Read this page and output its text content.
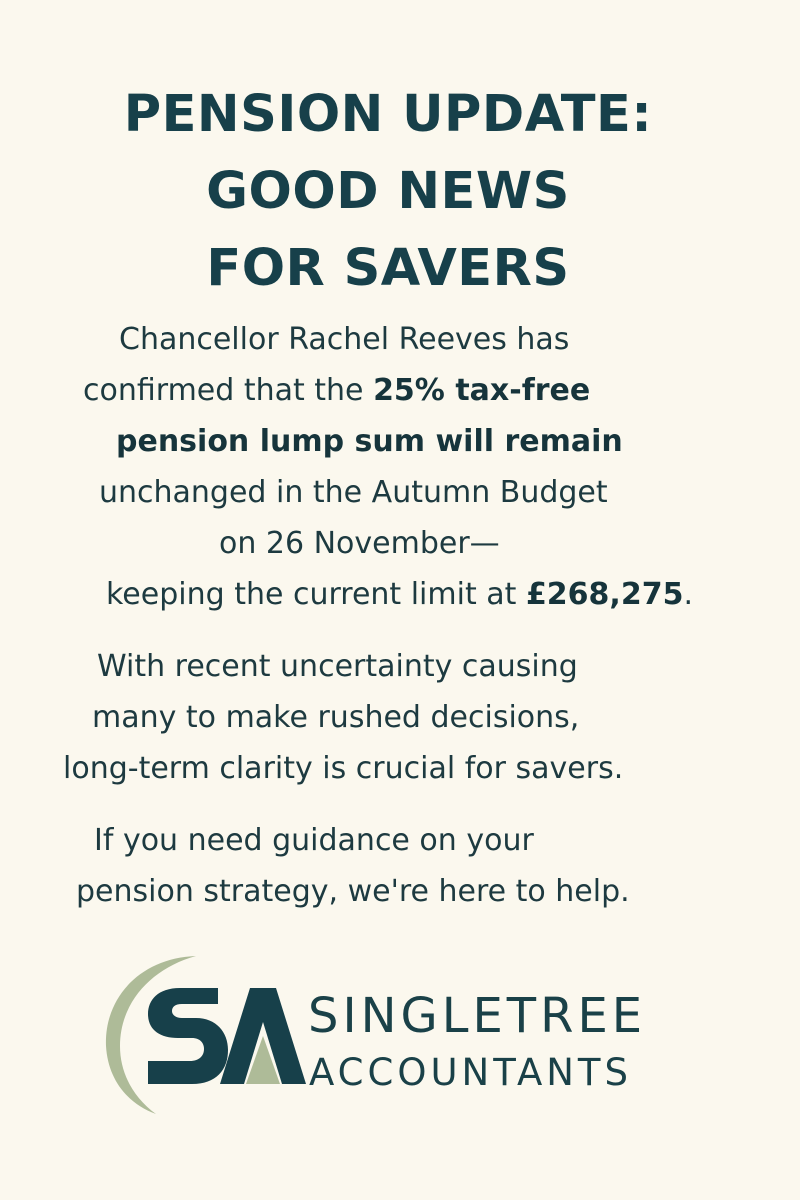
PENSION UPDATE:
GOOD NEWS
FOR SAVERS
Chancellor Rachel Reeves has
confirmed that the 25% tax-free
pension lump sum will remain
unchanged in the Autumn Budget
on 26 November—
keeping the current limit at £268,275.
With recent uncertainty causing
many to make rushed decisions,
long-term clarity is crucial for savers.
If you need guidance on your
pension strategy, we're here to help.
SINGLETREE
ACCOUNTANTS
